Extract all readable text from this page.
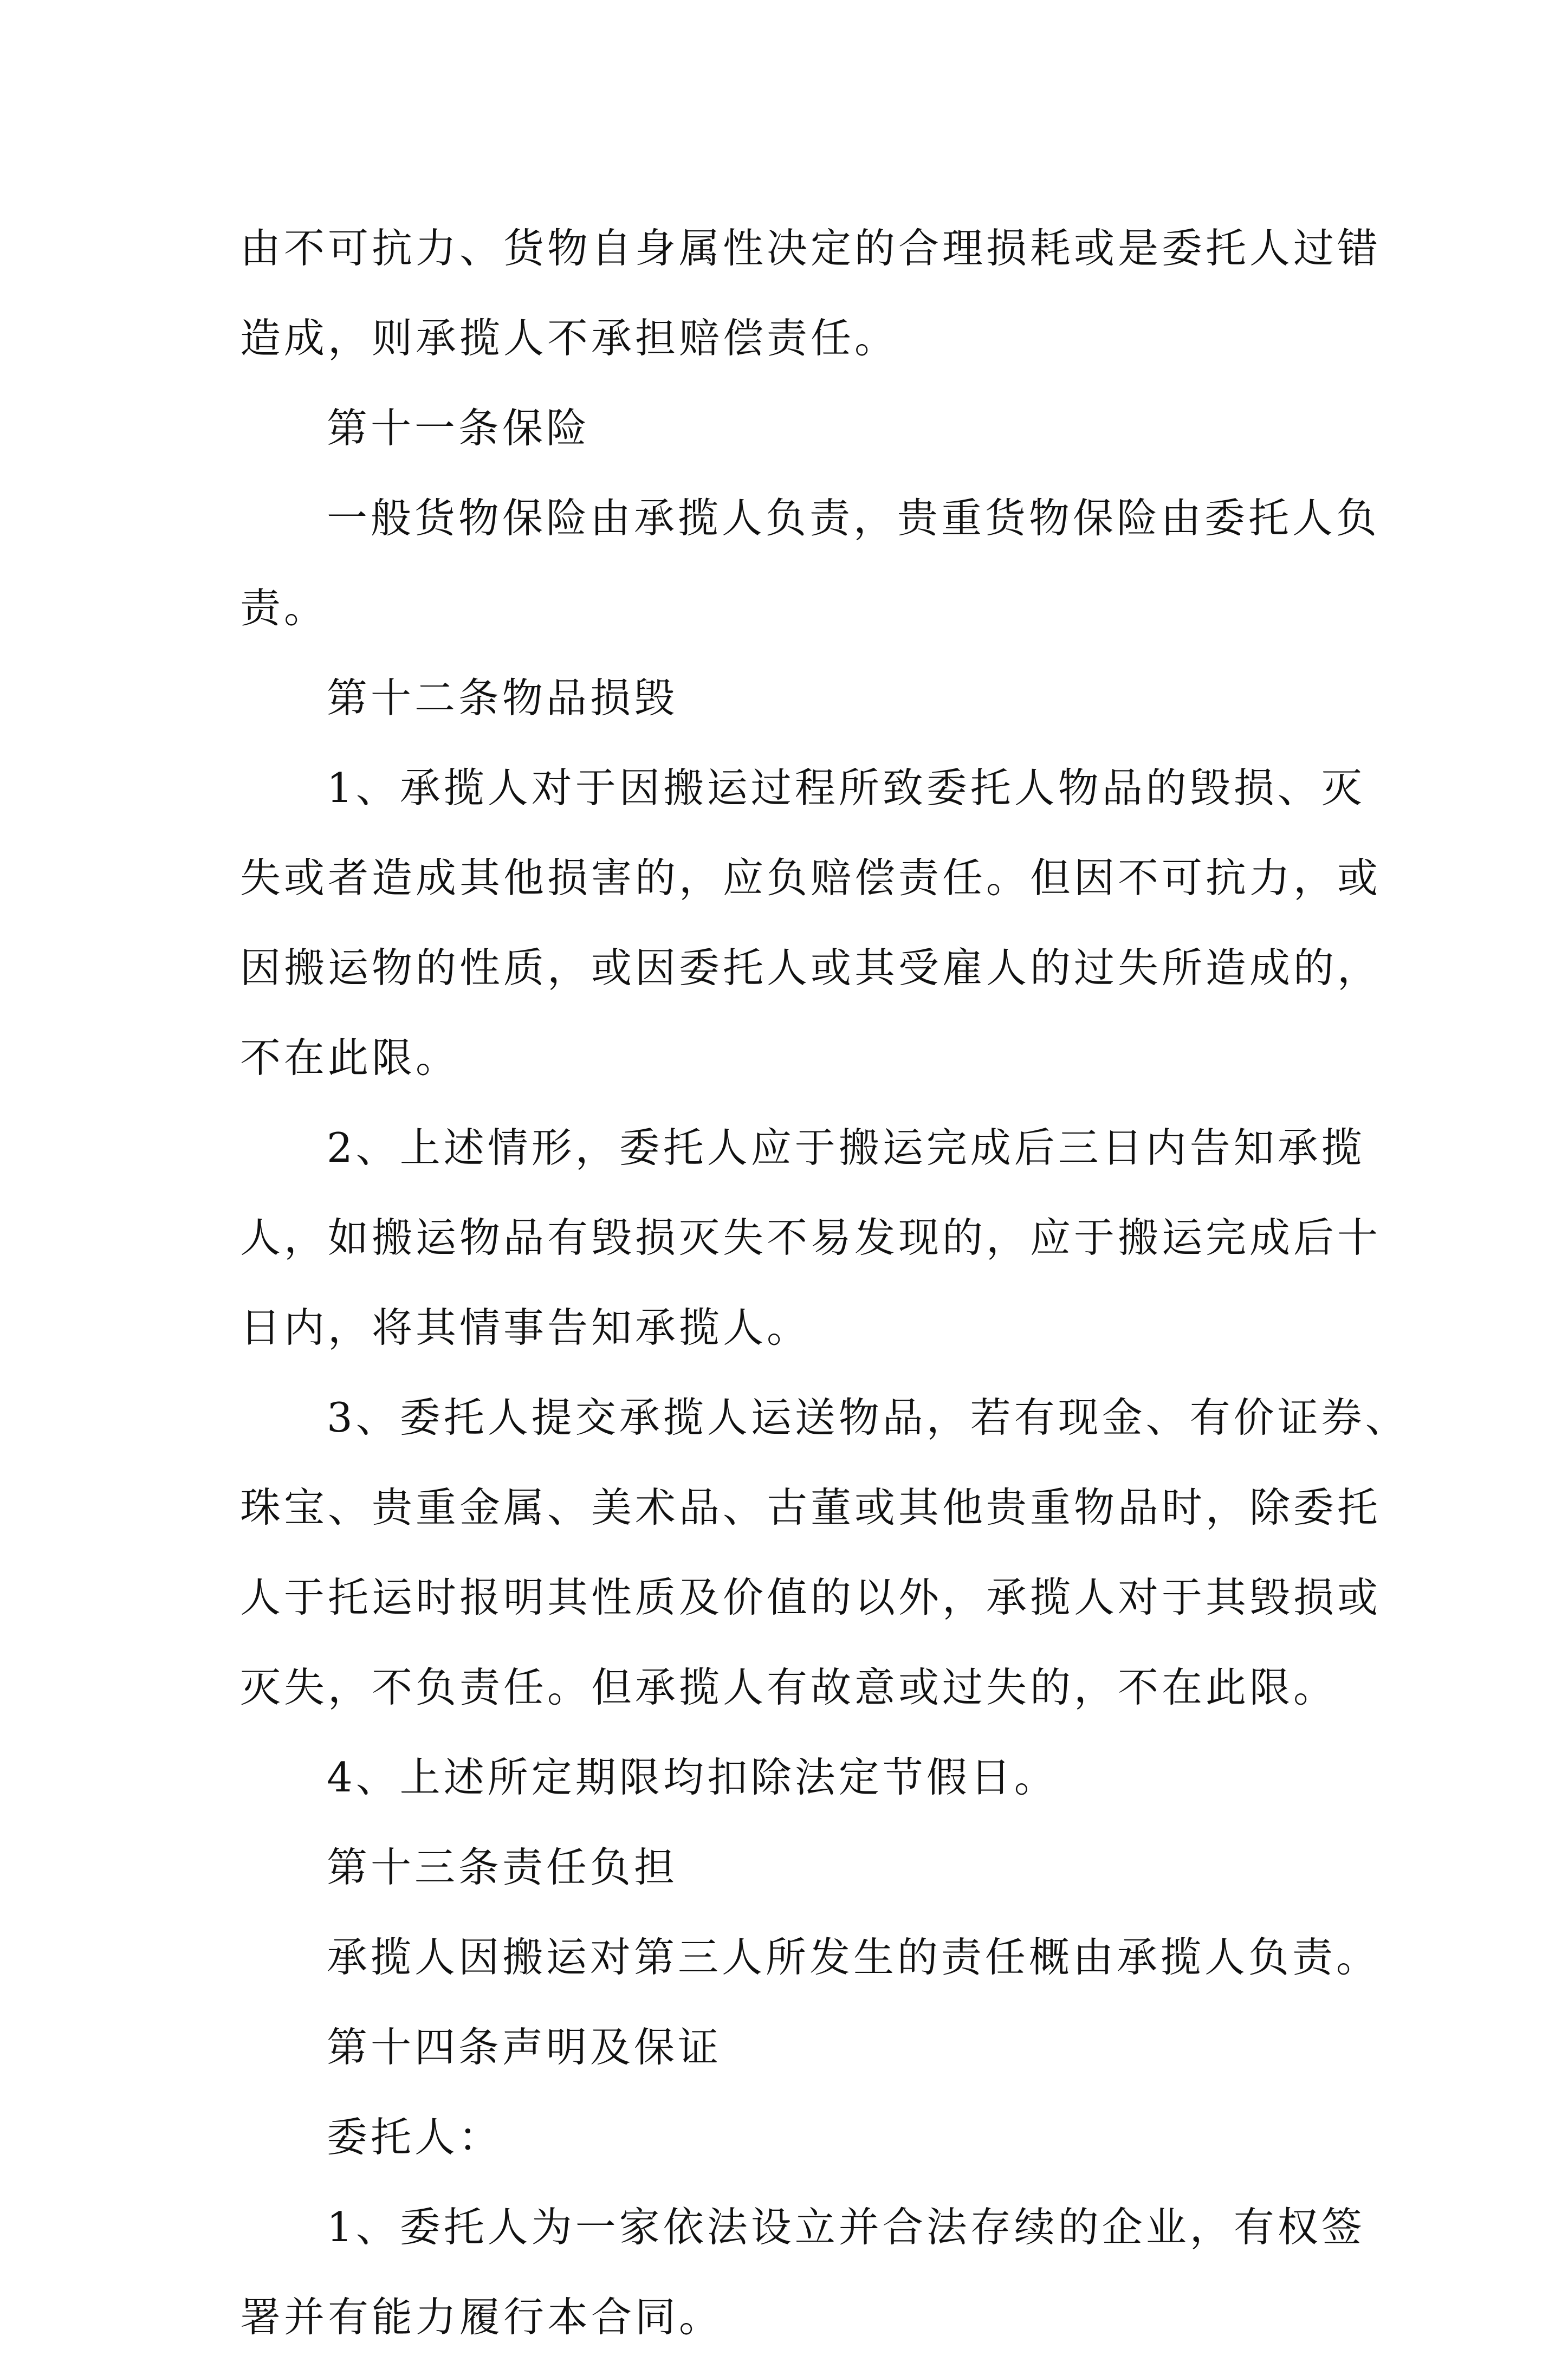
由不可抗力、货物自身属性决定的合理损耗或是委托人过错
造成，则承揽人不承担赔偿责任。
第十一条保险
一般货物保险由承揽人负责，贵重货物保险由委托人负
责。
第十二条物品损毁
1、承揽人对于因搬运过程所致委托人物品的毁损、灭
失或者造成其他损害的，应负赔偿责任。但因不可抗力，或
因搬运物的性质，或因委托人或其受雇人的过失所造成的，
不在此限。
2、上述情形，委托人应于搬运完成后三日内告知承揽
人，如搬运物品有毁损灭失不易发现的，应于搬运完成后十
日内，将其情事告知承揽人。
3、委托人提交承揽人运送物品，若有现金、有价证券、
珠宝、贵重金属、美术品、古董或其他贵重物品时，除委托
人于托运时报明其性质及价值的以外，承揽人对于其毁损或
灭失，不负责任。但承揽人有故意或过失的，不在此限。
4、上述所定期限均扣除法定节假日。
第十三条责任负担
承揽人因搬运对第三人所发生的责任概由承揽人负责。
第十四条声明及保证
委托人：
1、委托人为一家依法设立并合法存续的企业，有权签
署并有能力履行本合同。
